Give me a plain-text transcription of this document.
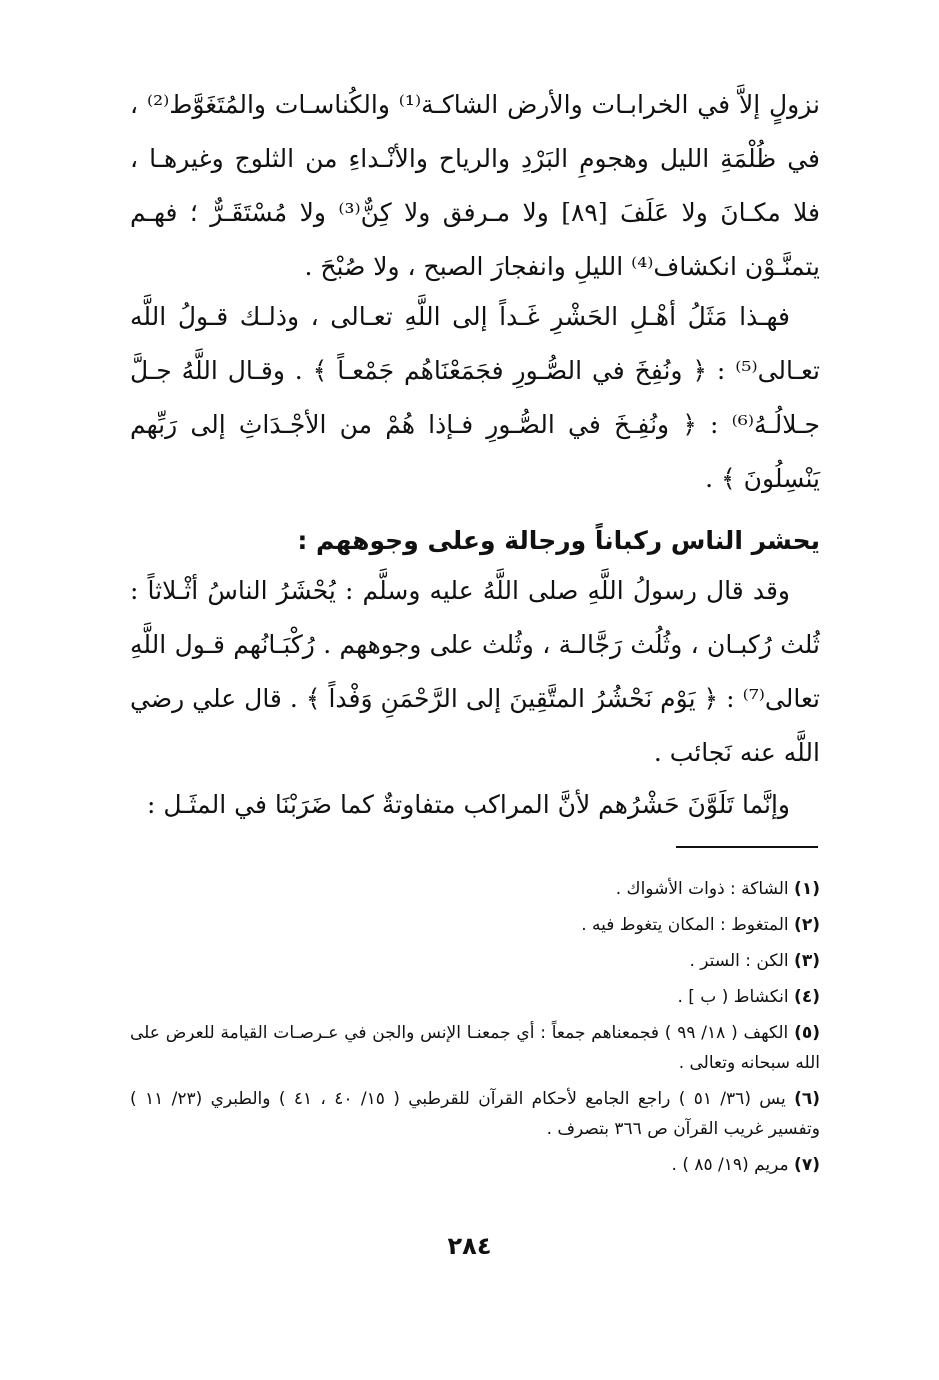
نزولٍ إلاَّ في الخرابـات والأرض الشاكـة⁽¹⁾ والكُناسـات والمُتَغَوَّط⁽²⁾ ، في ظُلْمَةِ الليل وهجومِ البَرْدِ والرياح والأنْـداءِ من الثلوج وغيرهـا ، فلا مكـانَ ولا عَلَفَ [٨٩] ولا مـرفق ولا كِنٌّ⁽³⁾ ولا مُسْتَقَـرٌّ ؛ فهـم يتمنَّـوْن انكشاف⁽⁴⁾ الليلِ وانفجارَ الصبح ، ولا صُبْحَ .
فهـذا مَثَلُ أهْـلِ الحَشْرِ غَـداً إلى اللَّهِ تعـالى ، وذلـك قـولُ اللَّه تعـالى⁽⁵⁾ : ﴿ ونُفِخَ في الصُّـورِ فجَمَعْنَاهُم جَمْعـاً ﴾ . وقـال اللَّهُ جـلَّ جـلالُـهُ⁽⁶⁾ : ﴿ ونُفِـخَ في الصُّـورِ فـإذا هُمْ من الأجْـدَاثِ إلى رَبِّهم يَنْسِلُونَ ﴾ .
يحشر الناس ركباناً ورجالة وعلى وجوههم :
وقد قال رسولُ اللَّهِ صلى اللَّهُ عليه وسلَّم : يُحْشَرُ الناسُ أثْـلاثاً : ثُلث رُكبـان ، وثُلُث رَجَّالـة ، وثُلث على وجوههم . رُكْبَـانُهم قـول اللَّهِ تعالى⁽⁷⁾ : ﴿ يَوْم نَحْشُرُ المتَّقِينَ إلى الرَّحْمَنِ وَفْداً ﴾ . قال علي رضي اللَّه عنه نَجائب .
وإنَّما تَلَوَّنَ حَشْرُهم لأنَّ المراكب متفاوتةٌ كما ضَرَبْنَا في المثَـل :
(١) الشاكة : ذوات الأشواك .
(٢) المتغوط : المكان يتغوط فيه .
(٣) الكن : الستر .
(٤) انكشاط ( ب ] .
(٥) الكهف ( ١٨/ ٩٩ ) فجمعناهم جمعاً : أي جمعنـا الإنس والجن في عـرصـات القيامة للعرض على الله سبحانه وتعالى .
(٦) يس (٣٦/ ٥١ ) راجع الجامع لأحكام القرآن للقرطبي ( ١٥/ ٤٠ ، ٤١ ) والطبري (٢٣/ ١١ ) وتفسير غريب القرآن ص ٣٦٦ بتصرف .
(٧) مريم (١٩/ ٨٥ ) .
٢٨٤
